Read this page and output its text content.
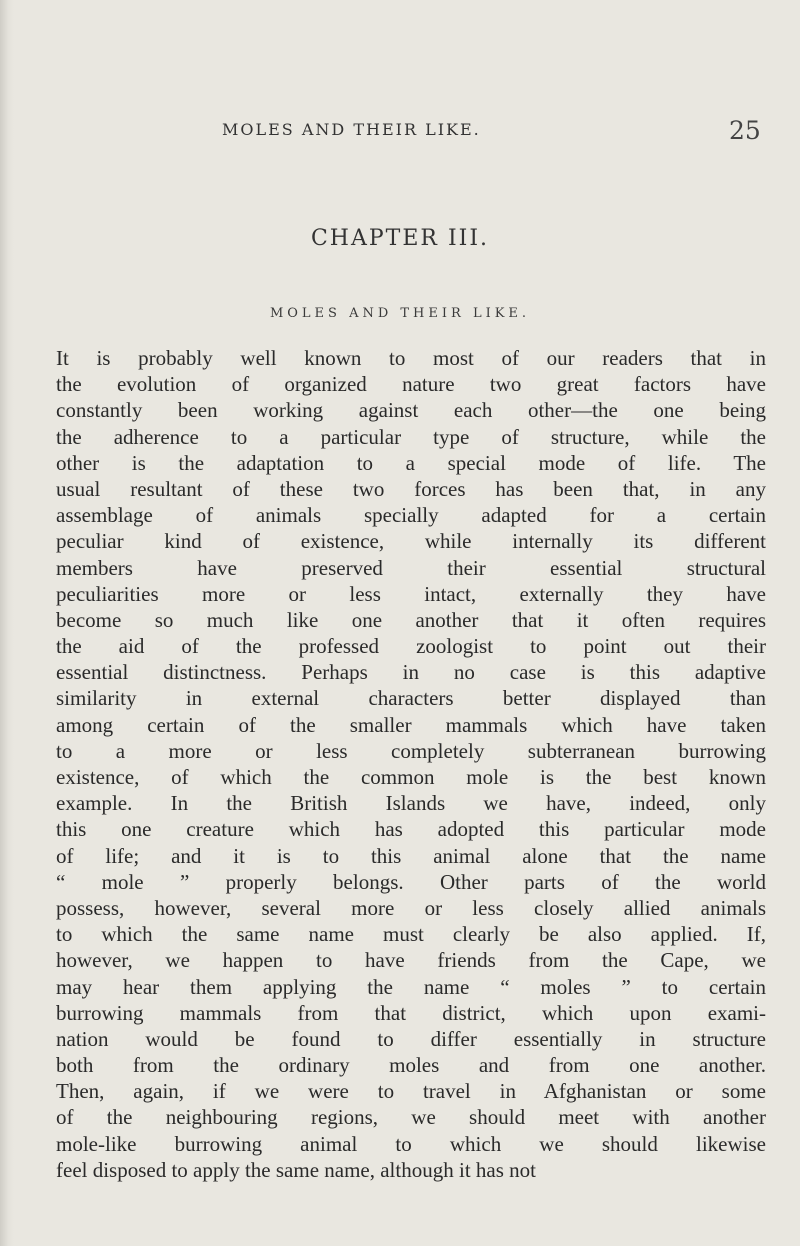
MOLES AND THEIR LIKE.	25
CHAPTER III.
MOLES AND THEIR LIKE.
It is probably well known to most of our readers that in
the evolution of organized nature two great factors have
constantly been working against each other—the one being
the adherence to a particular type of structure, while the
other is the adaptation to a special mode of life. The
usual resultant of these two forces has been that, in any
assemblage of animals specially adapted for a certain
peculiar kind of existence, while internally its different
members have preserved their essential structural
peculiarities more or less intact, externally they have
become so much like one another that it often requires
the aid of the professed zoologist to point out their
essential distinctness. Perhaps in no case is this adaptive
similarity in external characters better displayed than
among certain of the smaller mammals which have taken
to a more or less completely subterranean burrowing
existence, of which the common mole is the best known
example. In the British Islands we have, indeed, only
this one creature which has adopted this particular mode
of life; and it is to this animal alone that the name
“ mole ” properly belongs. Other parts of the world
possess, however, several more or less closely allied animals
to which the same name must clearly be also applied. If,
however, we happen to have friends from the Cape, we
may hear them applying the name “ moles ” to certain
burrowing mammals from that district, which upon exami-
nation would be found to differ essentially in structure
both from the ordinary moles and from one another.
Then, again, if we were to travel in Afghanistan or some
of the neighbouring regions, we should meet with another
mole-like burrowing animal to which we should likewise
feel disposed to apply the same name, although it has not
